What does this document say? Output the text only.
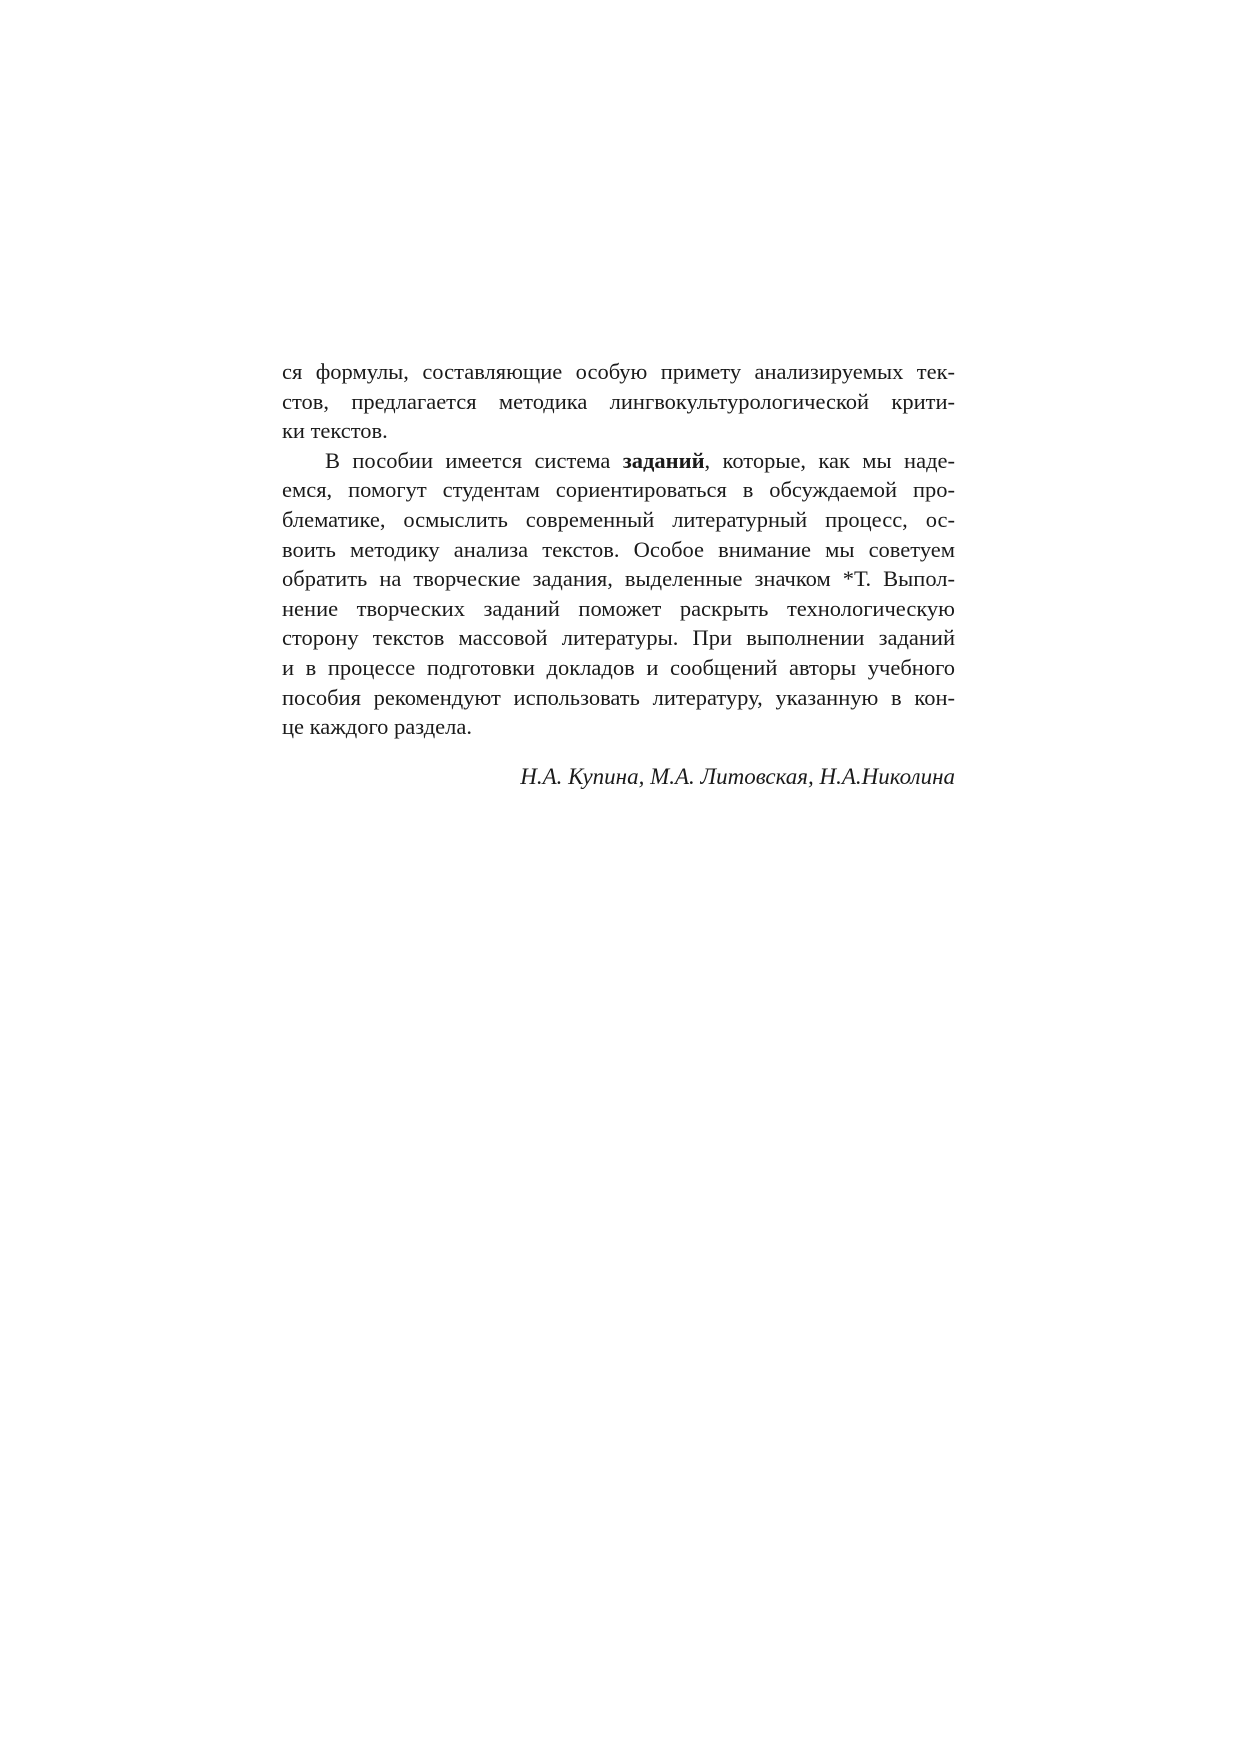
ся формулы, составляющие особую примету анализируемых тек-
стов, предлагается методика лингвокультурологической крити-
ки текстов.
В пособии имеется система заданий, которые, как мы наде-
емся, помогут студентам сориентироваться в обсуждаемой про-
блематике, осмыслить современный литературный процесс, ос-
воить методику анализа текстов. Особое внимание мы советуем
обратить на творческие задания, выделенные значком *Т. Выпол-
нение творческих заданий поможет раскрыть технологическую
сторону текстов массовой литературы. При выполнении заданий
и в процессе подготовки докладов и сообщений авторы учебного
пособия рекомендуют использовать литературу, указанную в кон-
це каждого раздела.
Н.А. Купина, М.А. Литовская, Н.А.Николина
